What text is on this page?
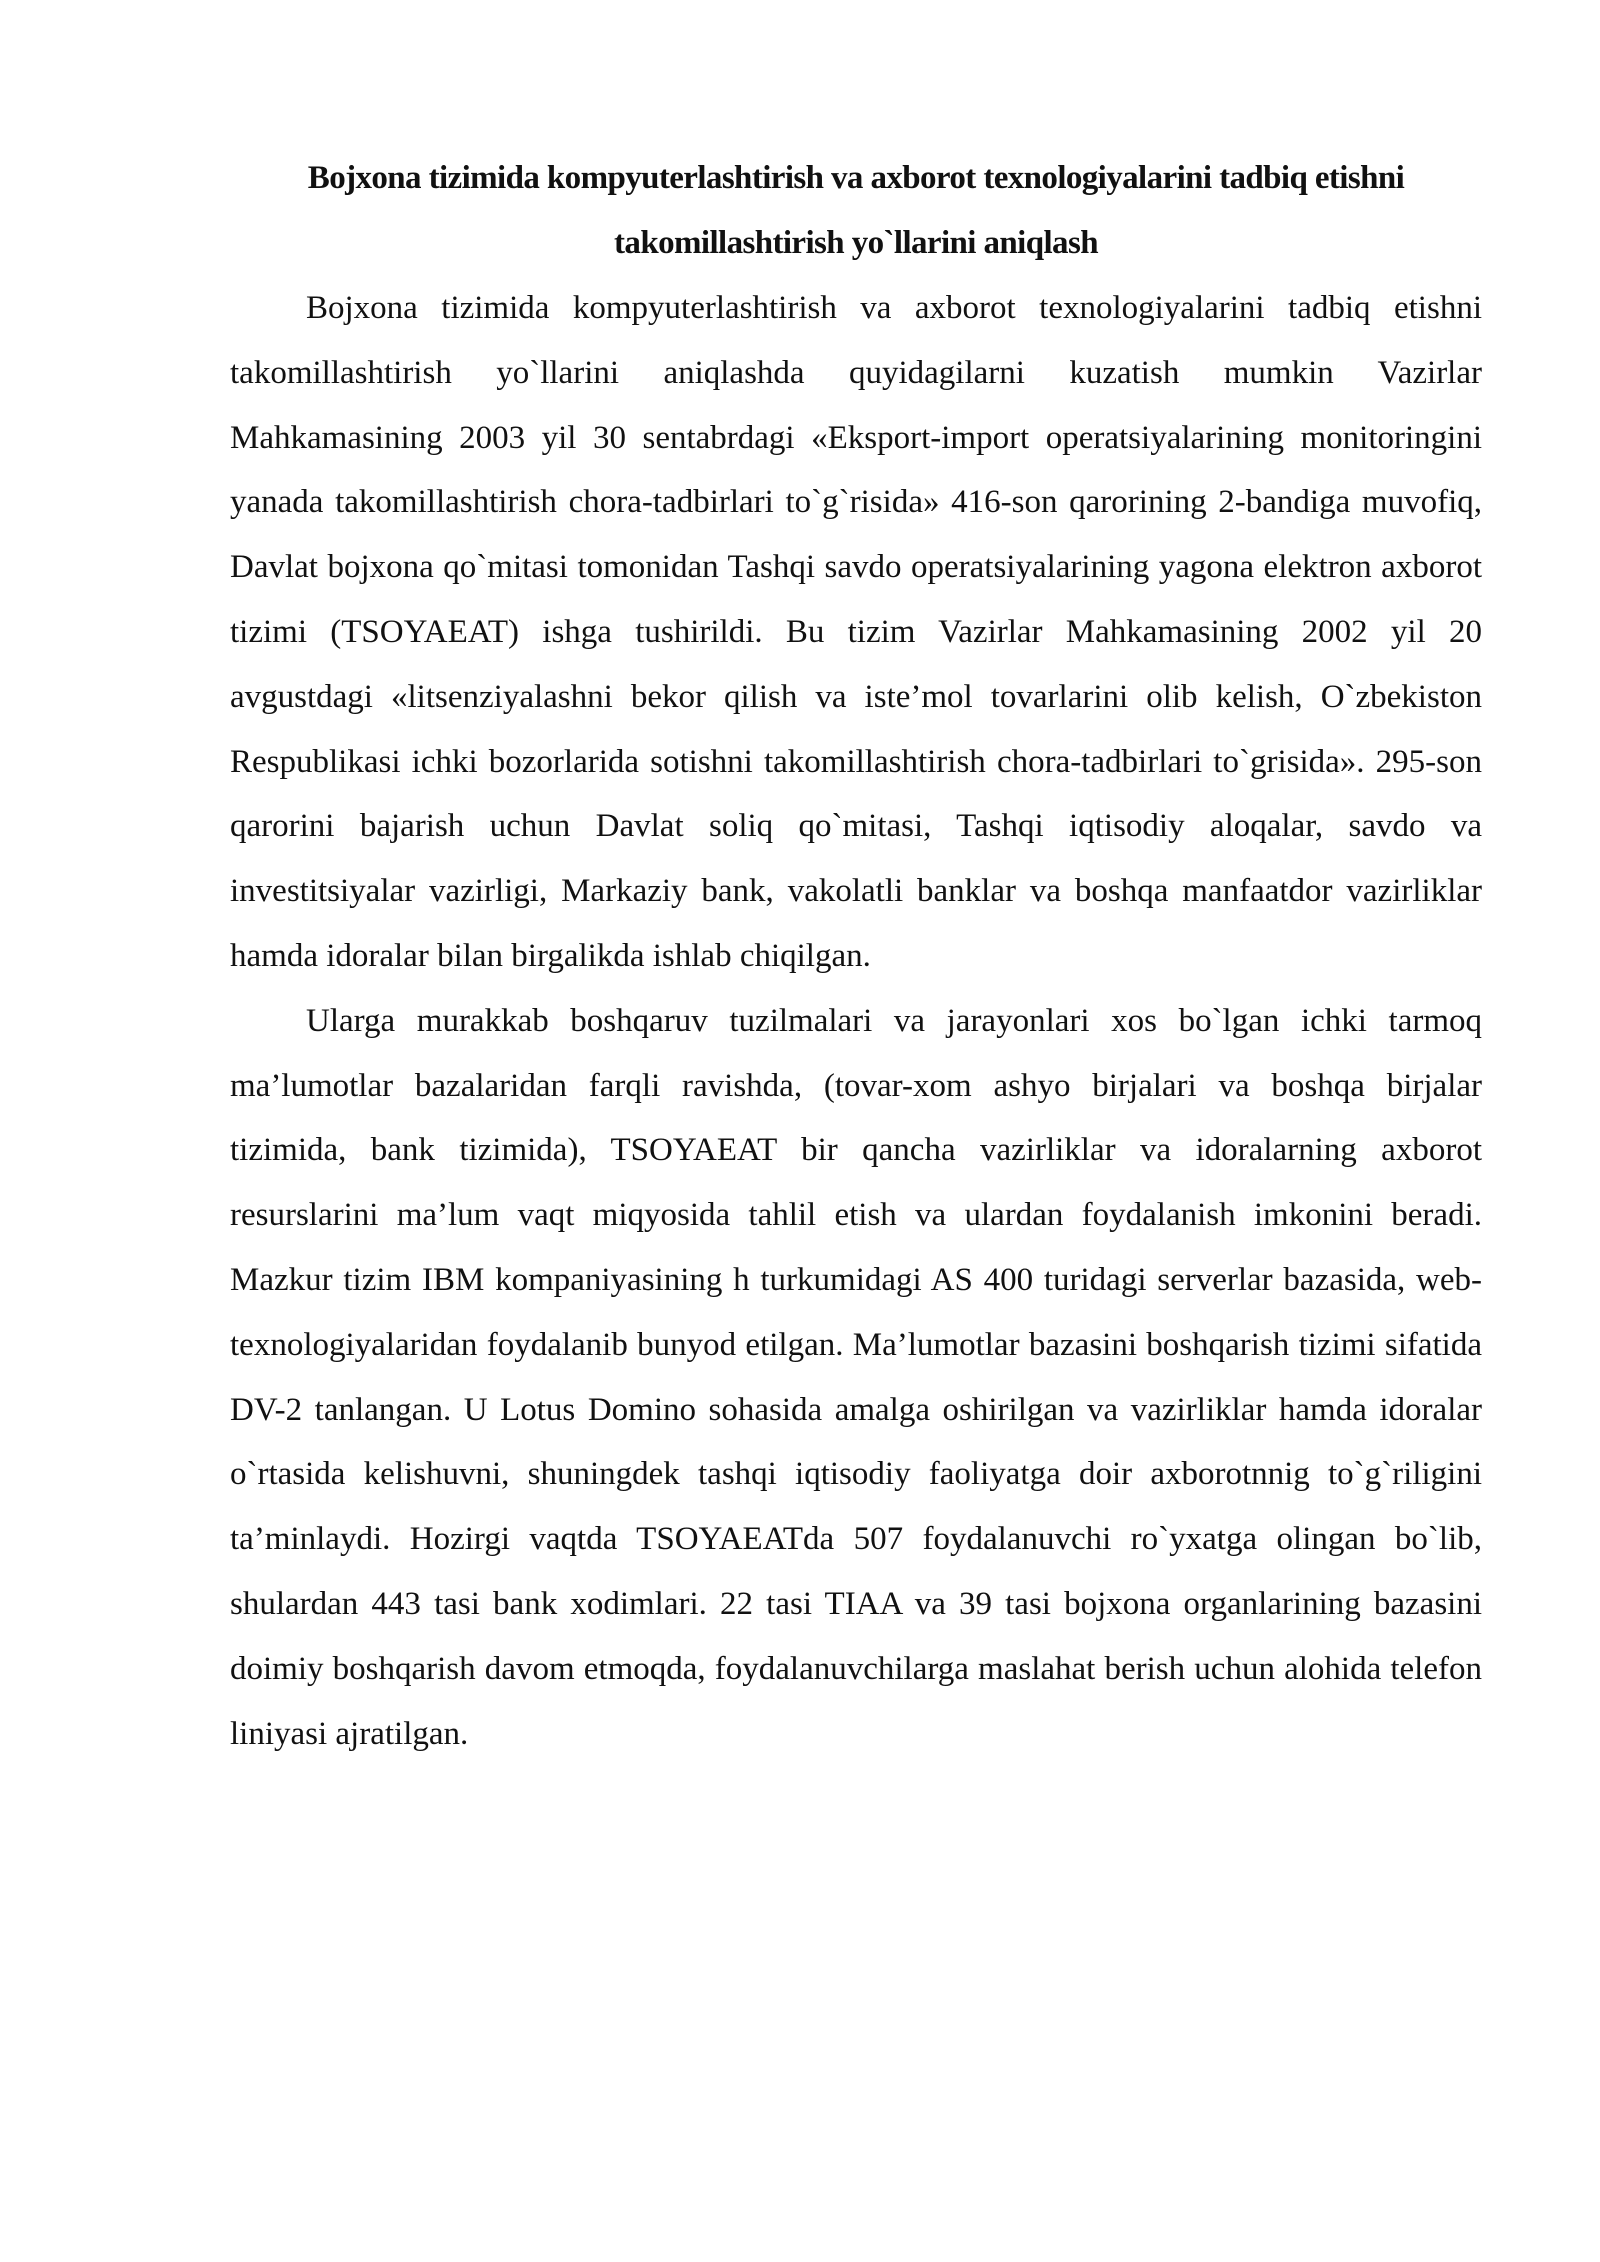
Bojxona tizimida kompyuterlashtirish va axborot texnologiyalarini tadbiq etishni takomillashtirish yo`llarini aniqlash

Bojxona tizimida kompyuterlashtirish va axborot texnologiyalarini tadbiq etishni takomillashtirish yo`llarini aniqlashda quyidagilarni kuzatish mumkin Vazirlar Mahkamasining 2003 yil 30 sentabrdagi «Eksport-import operatsiyalarining monitoringini yanada takomillashtirish chora-tadbirlari to`g`risida» 416-son qarorining 2-bandiga muvofiq, Davlat bojxona qo`mitasi tomonidan Tashqi savdo operatsiyalarining yagona elektron axborot tizimi (TSOYAEAT) ishga tushirildi. Bu tizim Vazirlar Mahkamasining 2002 yil 20 avgustdagi «litsenziyalashni bekor qilish va iste’mol tovarlarini olib kelish, O`zbekiston Respublikasi ichki bozorlarida sotishni takomillashtirish chora-tadbirlari to`grisida». 295-son qarorini bajarish uchun Davlat soliq qo`mitasi, Tashqi iqtisodiy aloqalar, savdo va investitsiyalar vazirligi, Markaziy bank, vakolatli banklar va boshqa manfaatdor vazirliklar hamda idoralar bilan birgalikda ishlab chiqilgan.

Ularga murakkab boshqaruv tuzilmalari va jarayonlari xos bo`lgan ichki tarmoq ma’lumotlar bazalaridan farqli ravishda, (tovar-xom ashyo birjalari va boshqa birjalar tizimida, bank tizimida), TSOYAEAT bir qancha vazirliklar va idoralarning axborot resurslarini ma’lum vaqt miqyosida tahlil etish va ulardan foydalanish imkonini beradi. Mazkur tizim IBM kompaniyasining h turkumidagi AS 400 turidagi serverlar bazasida, web-texnologiyalaridan foydalanib bunyod etilgan. Ma’lumotlar bazasini boshqarish tizimi sifatida DV-2 tanlangan. U Lotus Domino sohasida amalga oshirilgan va vazirliklar hamda idoralar o`rtasida kelishuvni, shuningdek tashqi iqtisodiy faoliyatga doir axborotnnig to`g`riligini ta’minlaydi. Hozirgi vaqtda TSOYAEATda 507 foydalanuvchi ro`yxatga olingan bo`lib, shulardan 443 tasi bank xodimlari. 22 tasi TIAA va 39 tasi bojxona organlarining bazasini doimiy boshqarish davom etmoqda, foydalanuvchilarga maslahat berish uchun alohida telefon liniyasi ajratilgan.
